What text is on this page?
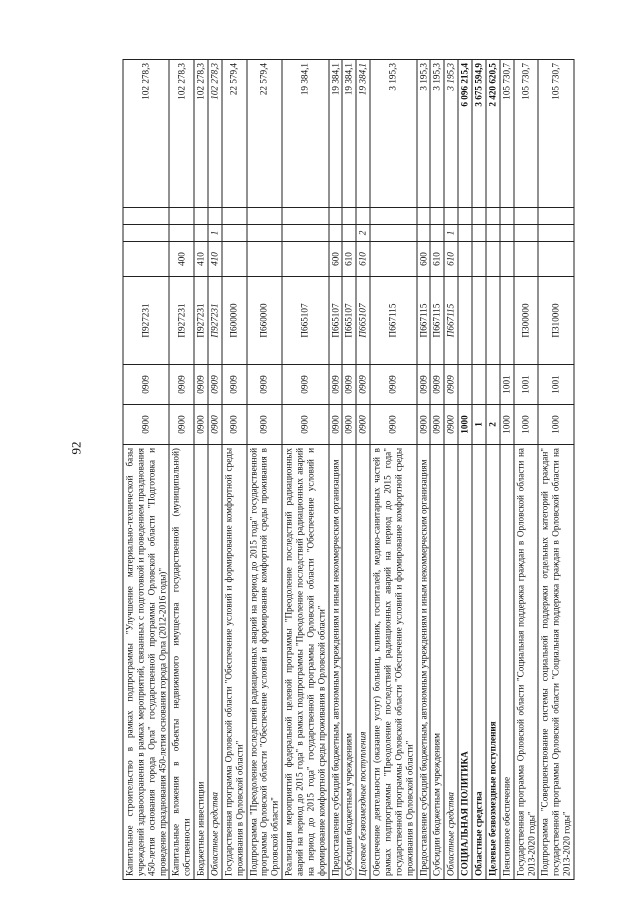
92	Капитальное строительство в рамках подпрограммы "Улучшение материально-технической базы учреждений здравоохранения в рамках мероприятий, связанных с подготовкой и проведением празднования 450-летия основания города Орла" государственной программы Орловской области "Подготовка и проведение празднования 450-летия основания города Орла (2012-2016 годы)"	0900	0909	П927231				102 278,3
Капитальные вложения в объекты недвижимого имущества государственной (муниципальной) собственности	0900	0909	П927231	400			102 278,3
Бюджетные инвестиции	0900	0909	П927231	410			102 278,3
Областные средства	0900	0909	П927231	410	1		102 278,3
Государственная программа Орловской области "Обеспечение условий и формирование комфортной среды проживания в Орловской области"	0900	0909	П600000				22 579,4
Подпрограмма "Преодоление последствий радиационных аварий на период до 2015 года" государственной программы Орловской области "Обеспечение условий и формирование комфортной среды проживания в Орловской области"	0900	0909	П660000				22 579,4
Реализация мероприятий федеральной целевой программы "Преодоление последствий радиационных аварий на период до 2015 года" в рамках подпрограммы "Преодоление последствий радиационных аварий на период до 2015 года" государственной программы Орловской области "Обеспечение условий и формирование комфортной среды проживания в Орловской области"	0900	0909	П665107				19 384,1
Предоставление субсидий бюджетным, автономным учреждениям и иным некоммерческим организациям	0900	0909	П665107	600			19 384,1
Субсидии бюджетным учреждениям	0900	0909	П665107	610			19 384,1
Целевые безвозмездные поступления	0900	0909	П665107	610	2		19 384,1
Обеспечение деятельности (оказание услуг) больниц, клиник, госпиталей, медико-санитарных частей в рамках подпрограммы "Преодоление последствий радиационных аварий на период до 2015 года" государственной программы Орловской области "Обеспечение условий и формирование комфортной среды проживания в Орловской области"	0900	0909	П667115				3 195,3
Предоставление субсидий бюджетным, автономным учреждениям и иным некоммерческим организациям	0900	0909	П667115	600			3 195,3
Субсидии бюджетным учреждениям	0900	0909	П667115	610			3 195,3
Областные средства	0900	0909	П667115	610	1		3 195,3
СОЦИАЛЬНАЯ ПОЛИТИКА	1000						6 096 215,4
Областные средства	1						3 675 594,9
Целевые безвозмездные поступления	2						2 420 620,5
Пенсионное обеспечение	1000	1001					105 730,7
Государственная программа Орловской области "Социальная поддержка граждан в Орловской области на 2013-2020 годы"	1000	1001	П300000				105 730,7
Подпрограмма "Совершенствование системы социальной поддержки отдельных категорий граждан" государственной программы Орловской области "Социальная поддержка граждан в Орловской области на 2013-2020 годы"	1000	1001	П310000				105 730,7
